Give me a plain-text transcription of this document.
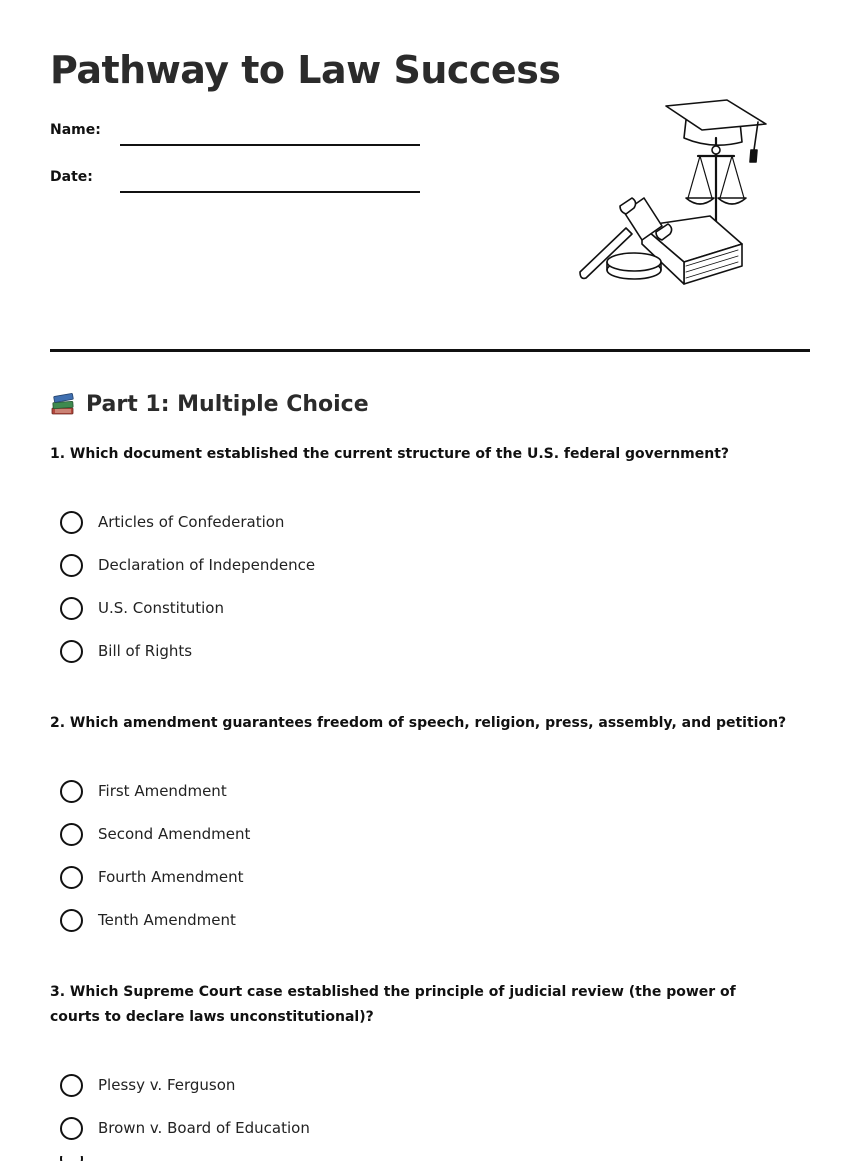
Pathway to Law Success
Name:
Date:
Part 1: Multiple Choice

1. Which document established the current structure of the U.S. federal government?

Articles of Confederation
Declaration of Independence
U.S. Constitution
Bill of Rights

2. Which amendment guarantees freedom of speech, religion, press, assembly, and petition?

First Amendment
Second Amendment
Fourth Amendment
Tenth Amendment

3. Which Supreme Court case established the principle of judicial review (the power of courts to declare laws unconstitutional)?

Plessy v. Ferguson
Brown v. Board of Education
